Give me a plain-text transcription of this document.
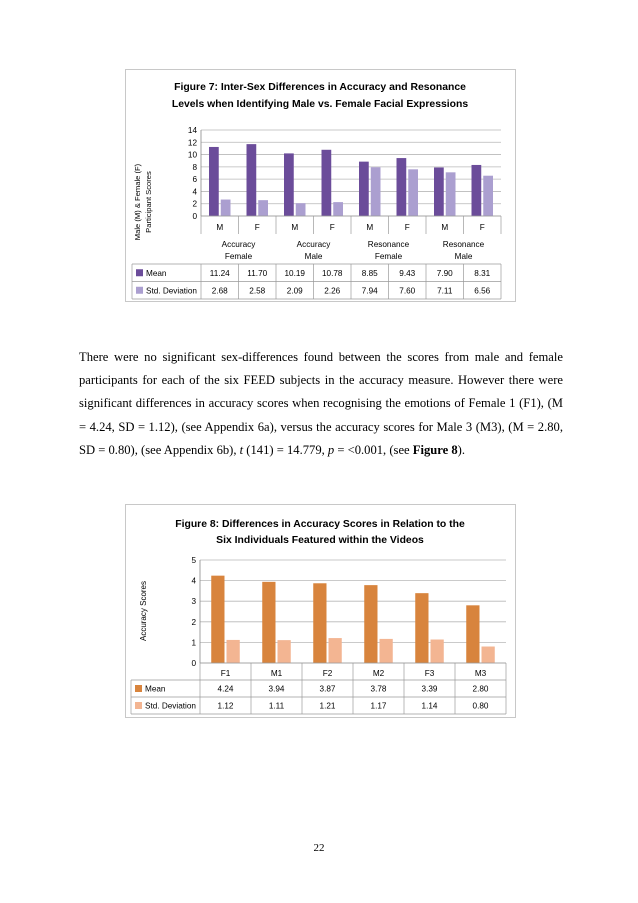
Figure 7: Inter-Sex Differences in Accuracy and Resonance
Levels when Identifying Male vs. Female Facial Expressions
Male (M) & Female (F) Participant Scores	0
2
4
6
8
10
12
14
M	F	M	F	M	F	M	F
Mean	11.24 11.70 10.19 10.78 8.85	9.43	7.90	8.31
Std. Deviation 2.68	2.58	2.09	2.26	7.94	7.60	7.11	6.56
Accuracy
Female
Accuracy
Male
Resonance
Female
Resonance
Male

There were no significant sex-differences found between the scores from male and female participants for each of the six FEED subjects in the accuracy measure. However there were significant differences in accuracy scores when recognising the emotions of Female 1 (F1), (M = 4.24, SD = 1.12), (see Appendix 6a), versus the accuracy scores for Male 3 (M3), (M = 2.80, SD = 0.80), (see Appendix 6b), t (141) = 14.779, p = <0.001, (see Figure 8).

Figure 8: Differences in Accuracy Scores in Relation to the
Six Individuals Featured within the Videos
Accuracy Scores
0
1
2
3
4
5
F1	M1	F2	M2	F3	M3
Mean	4.24	3.94	3.87	3.78	3.39	2.80
Std. Deviation	1.12	1.11	1.21	1.17	1.14	0.80
22
